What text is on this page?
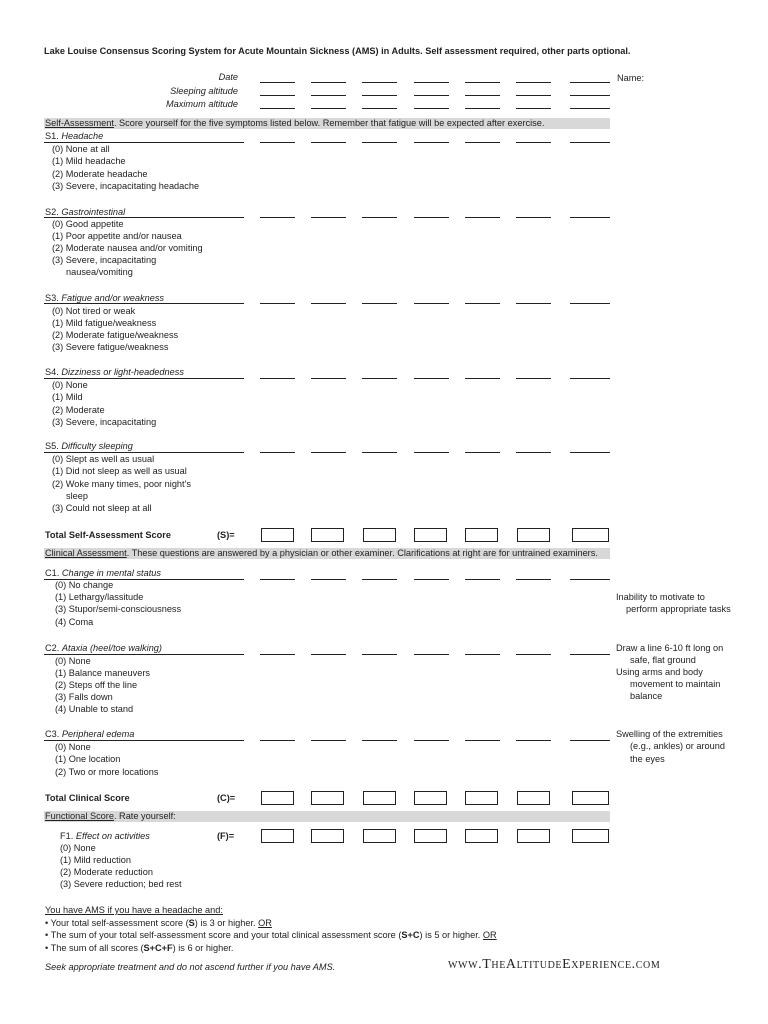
Lake Louise Consensus Scoring System for Acute Mountain Sickness (AMS) in Adults. Self assessment required, other parts optional.
Date
Sleeping altitude
Maximum altitude
Name:
Self-Assessment. Score yourself for the five symptoms listed below. Remember that fatigue will be expected after exercise.
S1. Headache
(0) None at all
(1) Mild headache
(2) Moderate headache
(3) Severe, incapacitating headache
S2. Gastrointestinal
(0) Good appetite
(1) Poor appetite and/or nausea
(2) Moderate nausea and/or vomiting
(3) Severe, incapacitating
nausea/vomiting
S3. Fatigue and/or weakness
(0) Not tired or weak
(1) Mild fatigue/weakness
(2) Moderate fatigue/weakness
(3) Severe fatigue/weakness
S4. Dizziness or light-headedness
(0) None
(1) Mild
(2) Moderate
(3) Severe, incapacitating
S5. Difficulty sleeping
(0) Slept as well as usual
(1) Did not sleep as well as usual
(2) Woke many times, poor night's
sleep
(3) Could not sleep at all
Total Self-Assessment Score	(S)=
Clinical Assessment. These questions are answered by a physician or other examiner. Clarifications at right are for untrained examiners.
C1. Change in mental status
(0) No change
(1) Lethargy/lassitude
(3) Stupor/semi-consciousness
(4) Coma
Inability to motivate to
perform appropriate tasks
C2. Ataxia (heel/toe walking)
(0) None
(1) Balance maneuvers
(2) Steps off the line
(3) Falls down
(4) Unable to stand
Draw a line 6-10 ft long on
safe, flat ground
Using arms and body
movement to maintain
balance
C3. Peripheral edema
(0) None
(1) One location
(2) Two or more locations
Swelling of the extremities
(e.g., ankles) or around
the eyes
Total Clinical Score	(C)=
Functional Score. Rate yourself:
F1. Effect on activities	(F)=
(0) None
(1) Mild reduction
(2) Moderate reduction
(3) Severe reduction; bed rest
You have AMS if you have a headache and:
• Your total self-assessment score (S) is 3 or higher. OR
• The sum of your total self-assessment score and your total clinical assessment score (S+C) is 5 or higher. OR
• The sum of all scores (S+C+F) is 6 or higher.
Seek appropriate treatment and do not ascend further if you have AMS.	www.TheAltitudeExperience.com
